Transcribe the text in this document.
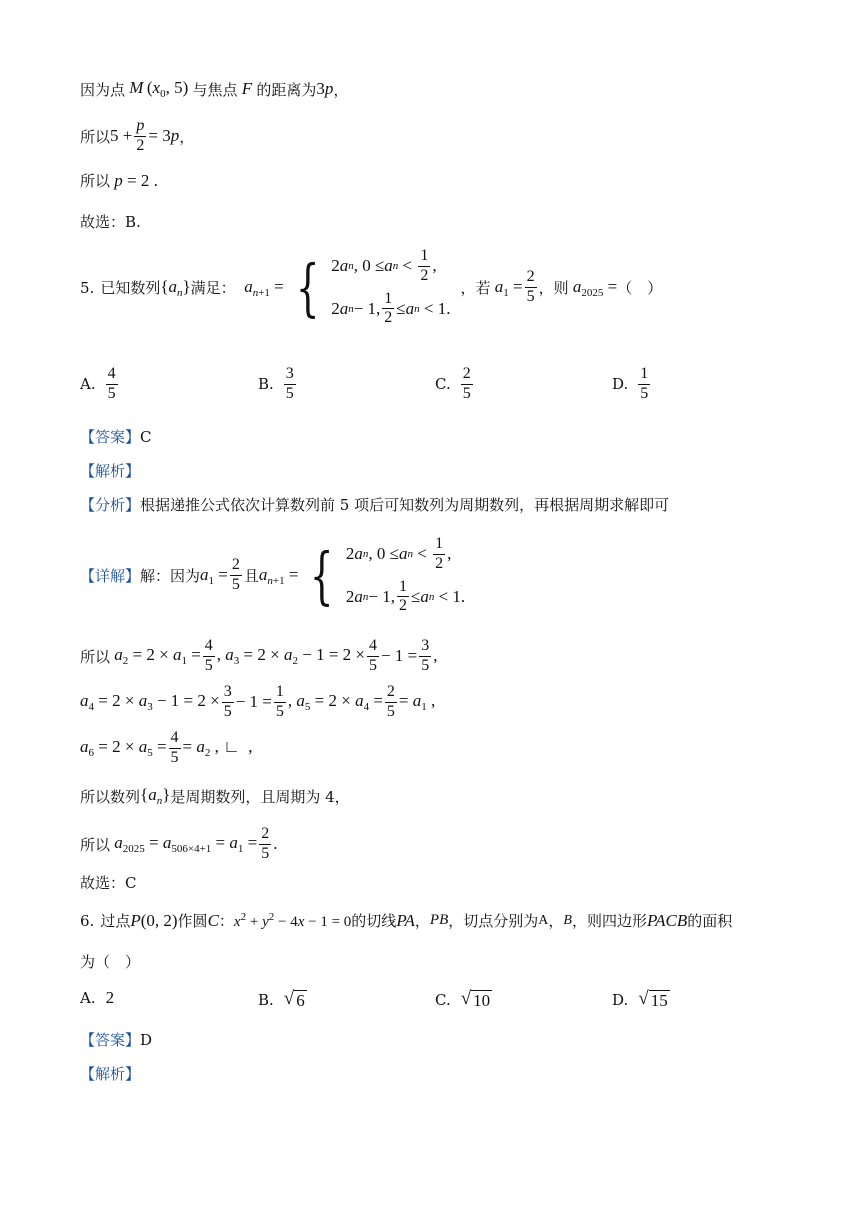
因为点 M ($x_0$, 5) 与焦点 F 的距离为 3p ，
所以 $5 + \frac{p}{2} = 3p$ ，
所以 p = 2 .
故选：B.
5. 已知数列 $\{a_n\}$ 满足： $a_{n+1}$ = { 2 a n , 0 ≤ a $n < \frac{1}{2}$ ,
2 a n − 1, $\frac{1}{2} \le a$ n < 1.
，若 $a_1 = \frac{2}{5}$ ，则 $a_{2025}$ = （　）
A. $\frac{4}{5}$	B. $\frac{3}{5}$	C. $\frac{2}{5}$	D. $\frac{1}{5}$
【答案】 C
【解析】
【分析】 根据递推公式依次计算数列前 5 项后可知数列为周期数列，再根据周期求解即可
【详解】 解：因为 $a_1 = \frac{2}{5}$ 且 $a_{n+1}$ = { 2 a n , 0 ≤ a $n < \frac{1}{2}$ ,
2 a n − 1, $\frac{1}{2} \le a$ n < 1.
所以 $a_2 = 2 \times a_1 = \frac{4}{5}$ , $a_3 = 2 \times a_2 - 1 = 2 \times \frac{4}{5} - 1 = \frac{3}{5}$ ,
$a_4 = 2 \times a_3 - 1 = 2 \times \frac{3}{5} - 1 = \frac{1}{5}$ , $a_5 = 2 \times a_4 = \frac{2}{5} = a_1$ ,
$a_6 = 2 \times a_5 = \frac{4}{5} = a_2$ , ∟  ,
所以数列 $\{a_n\}$ 是周期数列，且周期为 4，
所以 $a_{2025} = a_{506\times 4+1} = a_1 = \frac{2}{5}$ .
故选：C
6. 过点 P(0, 2) 作圆 C ： $x^2 + y^2 - 4x - 1 = 0$ 的切线 PA ， PB ，切点分别为 A ， B ，则四边形 PACB 的面积
为（　）
A. 2	B. √ 6	C. √ 10	D. √ 15
【答案】 D
【解析】
